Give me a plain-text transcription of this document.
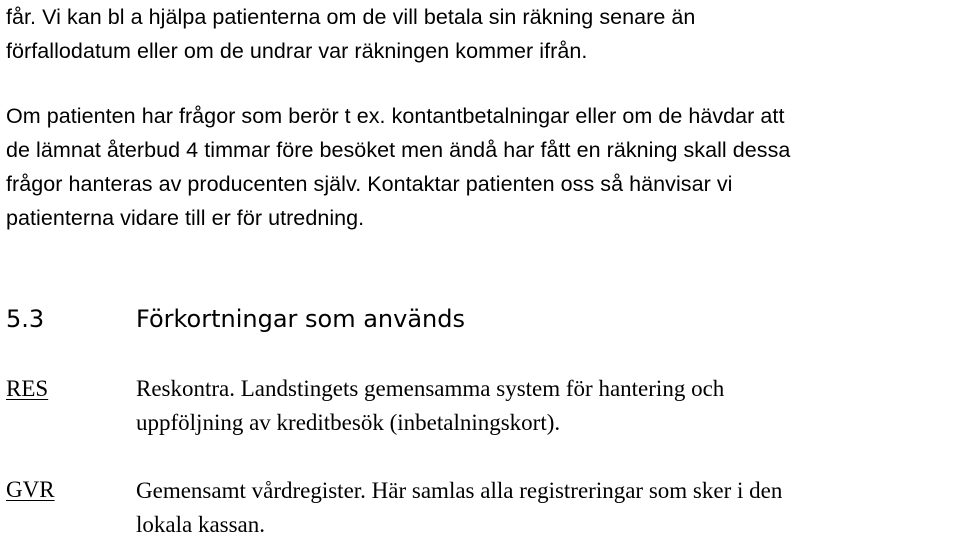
får. Vi kan bl a hjälpa patienterna om de vill betala sin räkning senare än
förfallodatum eller om de undrar var räkningen kommer ifrån.

Om patienten har frågor som berör t ex. kontantbetalningar eller om de hävdar att
de lämnat återbud 4 timmar före besöket men ändå har fått en räkning skall dessa
frågor hanteras av producenten själv. Kontaktar patienten oss så hänvisar vi
patienterna vidare till er för utredning.

5.3	Förkortningar som används
RES	Reskontra. Landstingets gemensamma system för hantering och
uppföljning av kreditbesök (inbetalningskort).

GVR	Gemensamt vårdregister. Här samlas alla registreringar som sker i den
lokala kassan.
